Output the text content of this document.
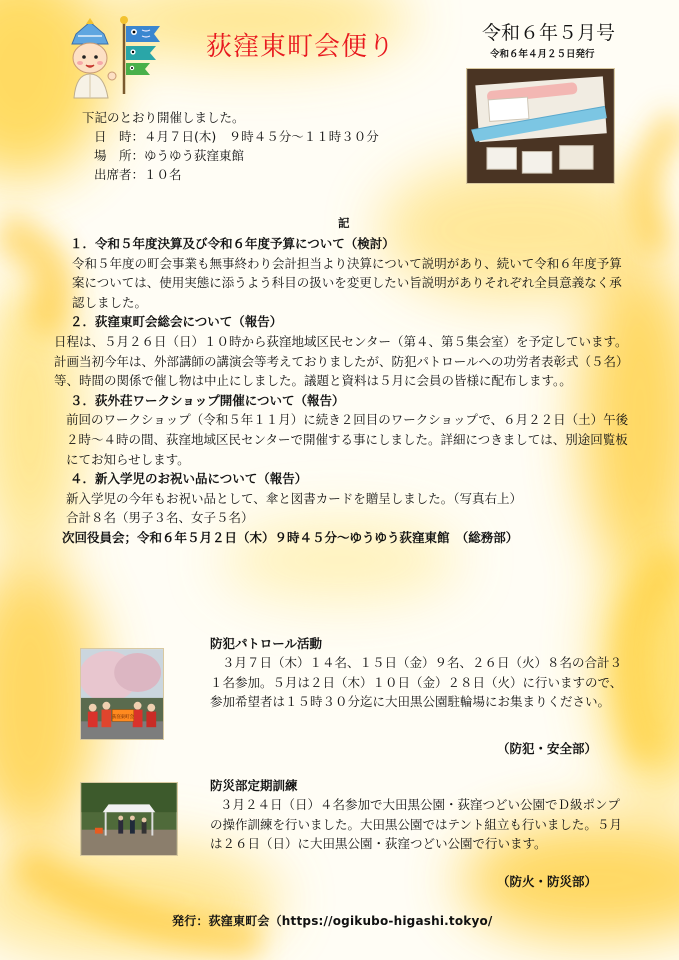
荻窪東町会便り	令和６年５月号
令和６年４月２５日発行
下記のとおり開催しました。
日　時：４月７日(木)　９時４５分〜１１時３０分
場　所：ゆうゆう荻窪東館
出席者：１０名
記
１．令和５年度決算及び令和６年度予算について（検討）
令和５年度の町会事業も無事終わり会計担当より決算について説明があり、続いて令和６年度予算案については、使用実態に添うよう科目の扱いを変更したい旨説明がありそれぞれ全員意義なく承認しました。
２．荻窪東町会総会について（報告）
日程は、５月２６日（日）１０時から荻窪地域区民センター（第４、第５集会室）を予定しています。
計画当初今年は、外部講師の講演会等考えておりましたが、防犯パトロールへの功労者表彰式（５名）等、時間の関係で催し物は中止にしました。議題と資料は５月に会員の皆様に配布します。。
３．荻外荘ワークショップ開催について（報告）
前回のワークショップ（令和５年１１月）に続き２回目のワークショップで、６月２２日（土）午後２時〜４時の間、荻窪地域区民センターで開催する事にしました。詳細につきましては、別途回覧板にてお知らせします。
４．新入学児のお祝い品について（報告）
新入学児の今年もお祝い品として、傘と図書カードを贈呈しました。（写真右上）
合計８名（男子３名、女子５名）
次回役員会；令和６年５月２日（木）９時４５分〜ゆうゆう荻窪東館　（総務部）
荻窪東町会
防犯パトロール活動
３月７日（木）１４名、１５日（金）９名、２６日（火）８名の合計３１名参加。５月は２日（木）１０日（金）２８日（火）に行いますので、参加希望者は１５時３０分迄に大田黒公園駐輪場にお集まりください。
（防犯・安全部）
防災部定期訓練
３月２４日（日）４名参加で大田黒公園・荻窪つどい公園でＤ級ポンプの操作訓練を行いました。大田黒公園ではテント組立も行いました。５月は２６日（日）に大田黒公園・荻窪つどい公園で行います。
（防火・防災部）
発行：荻窪東町会（https://ogikubo-higashi.tokyo/
